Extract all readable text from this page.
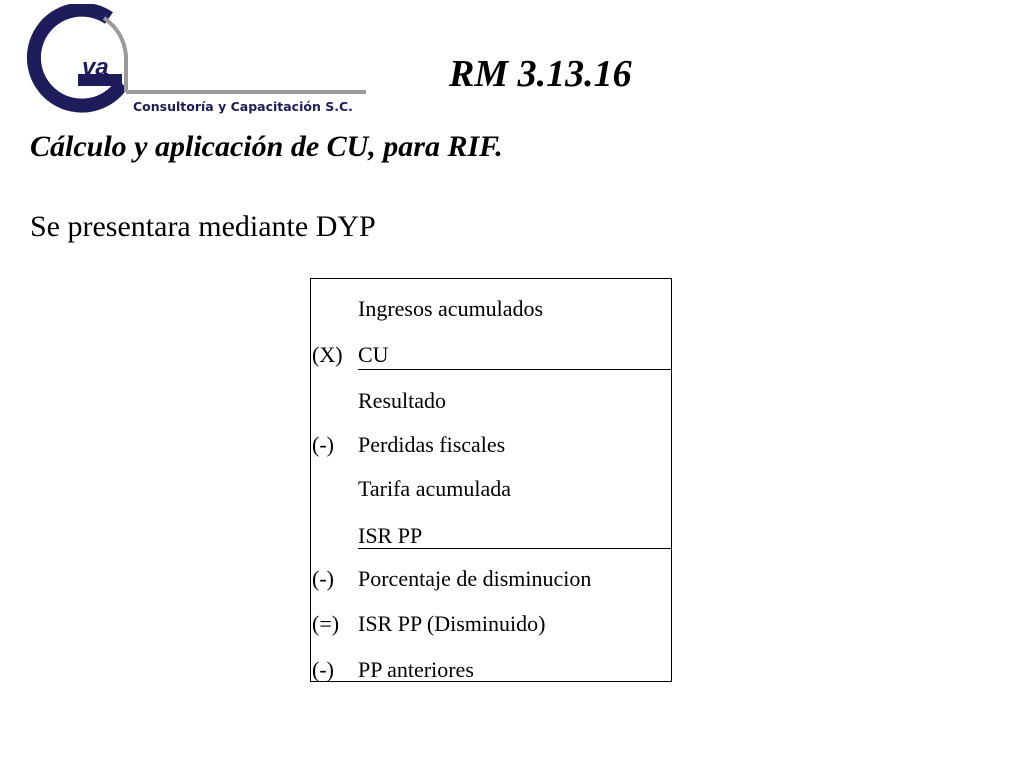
va
Consultoría y Capacitación S.C.
RM 3.13.16
Cálculo y aplicación de CU, para RIF.

Se presentara mediante DYP

Ingresos acumulados
(X) CU
Resultado
(-)	Perdidas fiscales
Tarifa acumulada
ISR PP
(-)	Porcentaje de disminucion
(=) ISR PP (Disminuido)
(-)	PP anteriores
